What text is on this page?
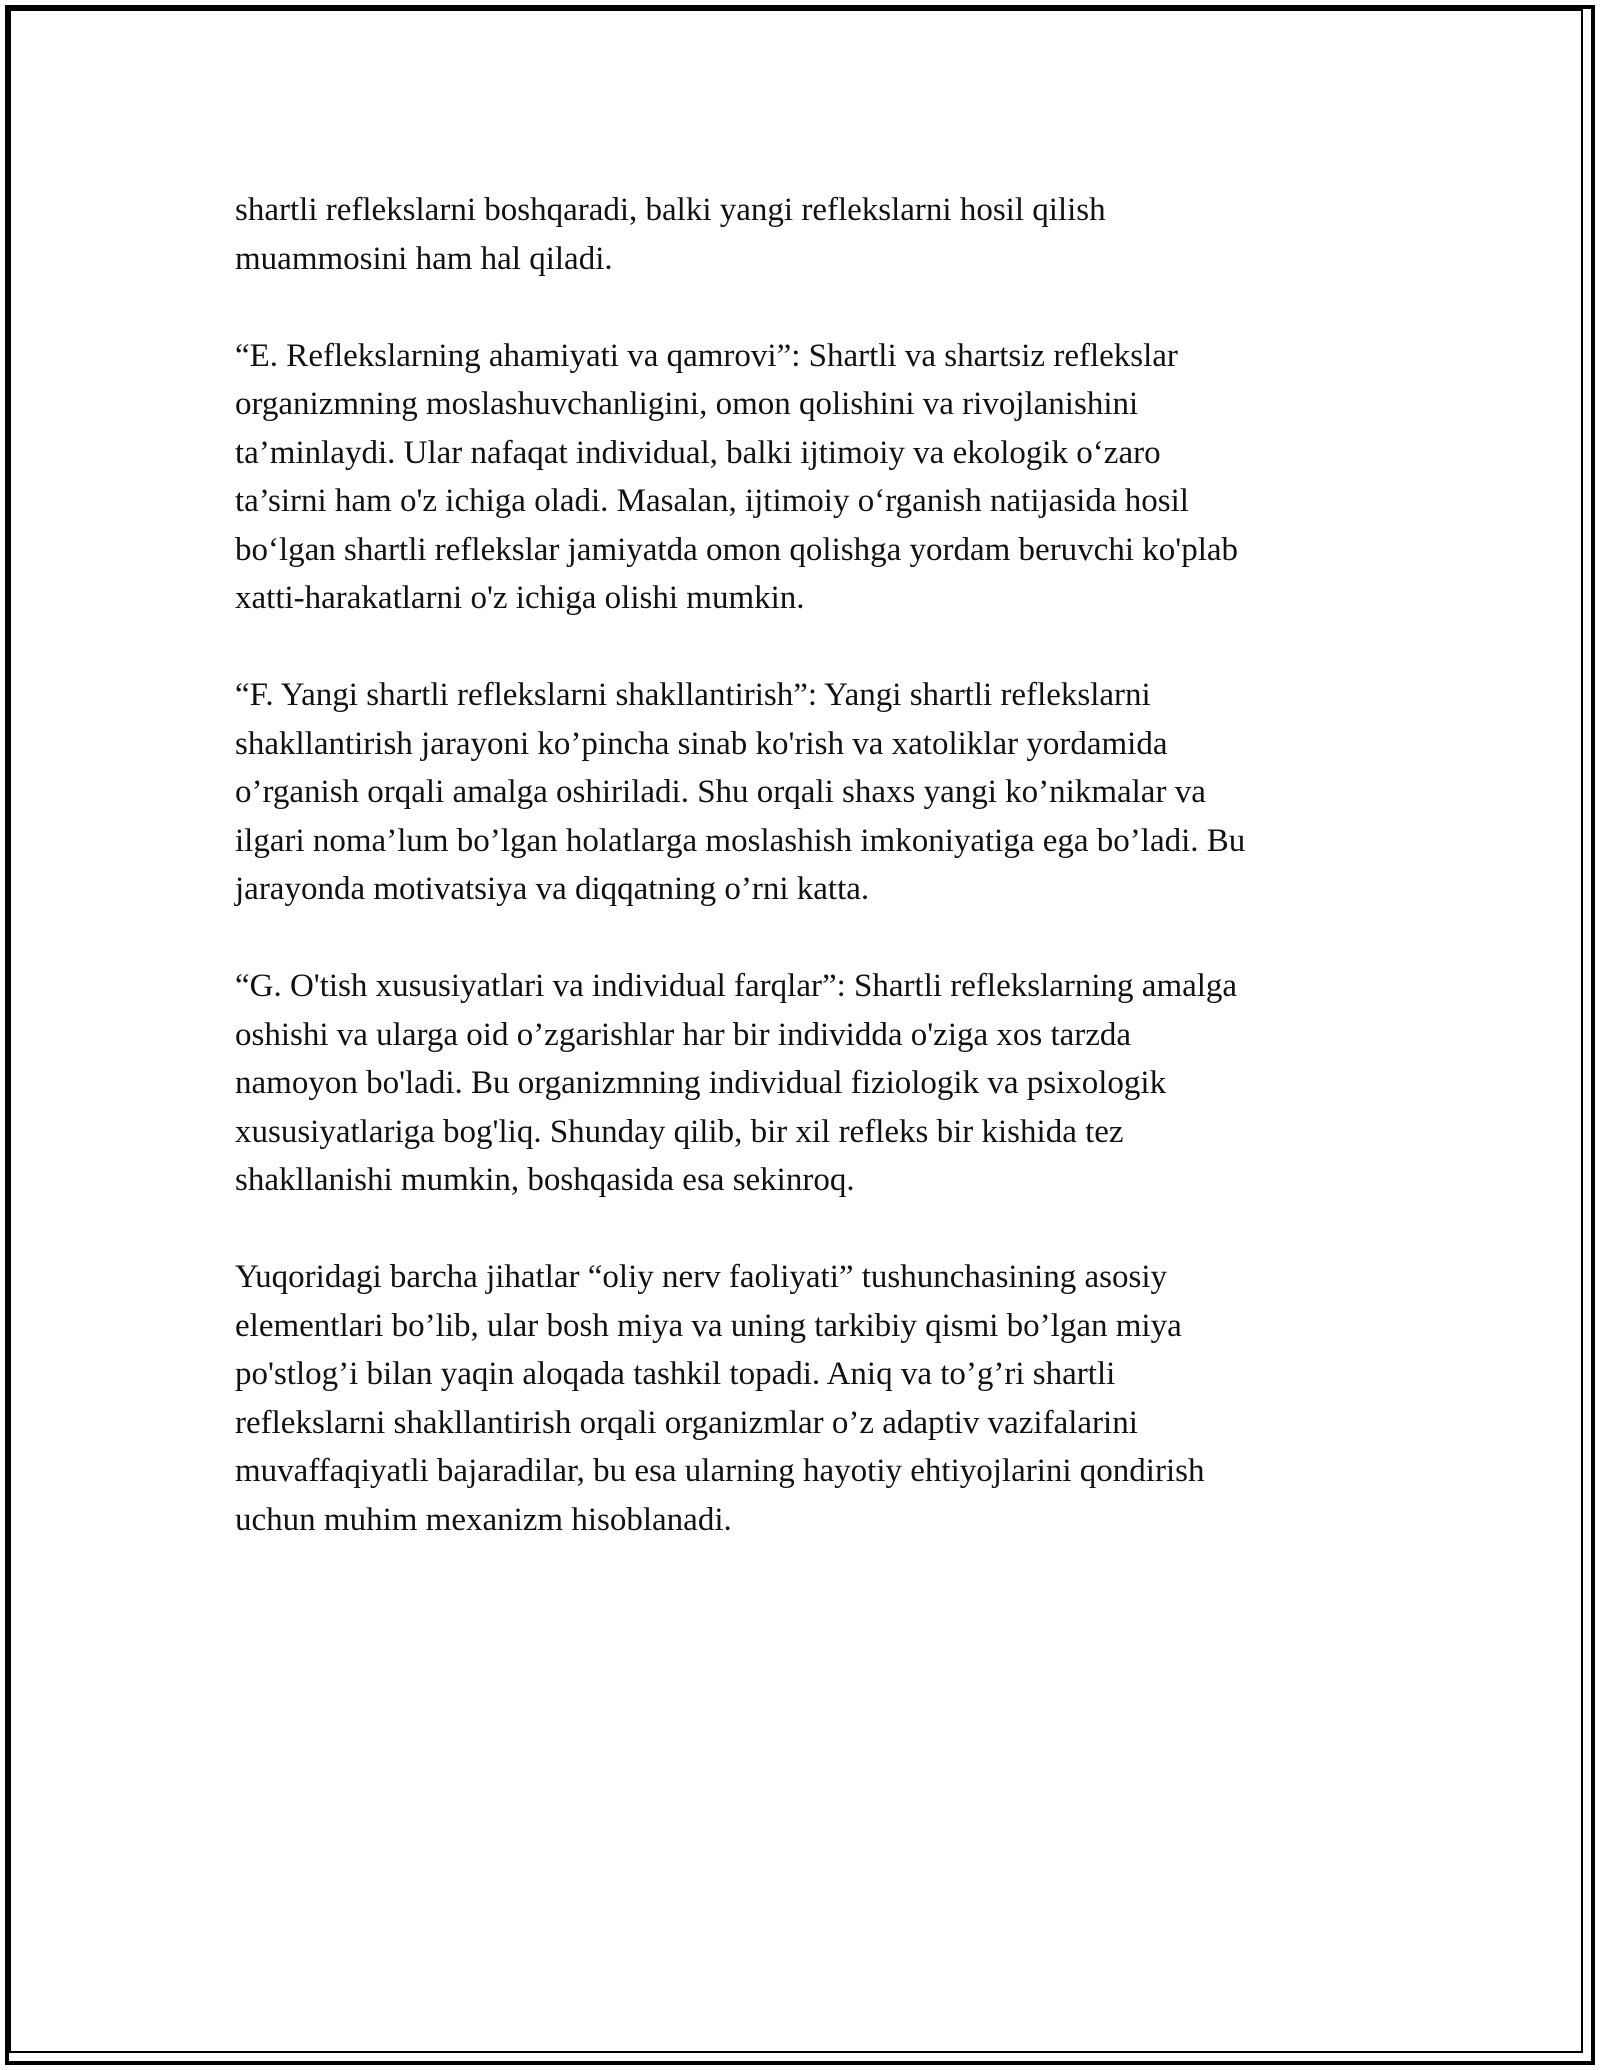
shartli reflekslarni boshqaradi, balki yangi reflekslarni hosil qilish
muammosini ham hal qiladi.

“E. Reflekslarning ahamiyati va qamrovi”: Shartli va shartsiz reflekslar
organizmning moslashuvchanligini, omon qolishini va rivojlanishini
ta’minlaydi. Ular nafaqat individual, balki ijtimoiy va ekologik o‘zaro
ta’sirni ham o'z ichiga oladi. Masalan, ijtimoiy o‘rganish natijasida hosil
bo‘lgan shartli reflekslar jamiyatda omon qolishga yordam beruvchi ko'plab
xatti-harakatlarni o'z ichiga olishi mumkin.

“F. Yangi shartli reflekslarni shakllantirish”: Yangi shartli reflekslarni
shakllantirish jarayoni ko’pincha sinab ko'rish va xatoliklar yordamida
o’rganish orqali amalga oshiriladi. Shu orqali shaxs yangi ko’nikmalar va
ilgari noma’lum bo’lgan holatlarga moslashish imkoniyatiga ega bo’ladi. Bu
jarayonda motivatsiya va diqqatning o’rni katta.

“G. O'tish xususiyatlari va individual farqlar”: Shartli reflekslarning amalga
oshishi va ularga oid o’zgarishlar har bir individda o'ziga xos tarzda
namoyon bo'ladi. Bu organizmning individual fiziologik va psixologik
xususiyatlariga bog'liq. Shunday qilib, bir xil refleks bir kishida tez
shakllanishi mumkin, boshqasida esa sekinroq.

Yuqoridagi barcha jihatlar “oliy nerv faoliyati” tushunchasining asosiy
elementlari bo’lib, ular bosh miya va uning tarkibiy qismi bo’lgan miya
po'stlog’i bilan yaqin aloqada tashkil topadi. Aniq va to’g’ri shartli
reflekslarni shakllantirish orqali organizmlar o’z adaptiv vazifalarini
muvaffaqiyatli bajaradilar, bu esa ularning hayotiy ehtiyojlarini qondirish
uchun muhim mexanizm hisoblanadi.
